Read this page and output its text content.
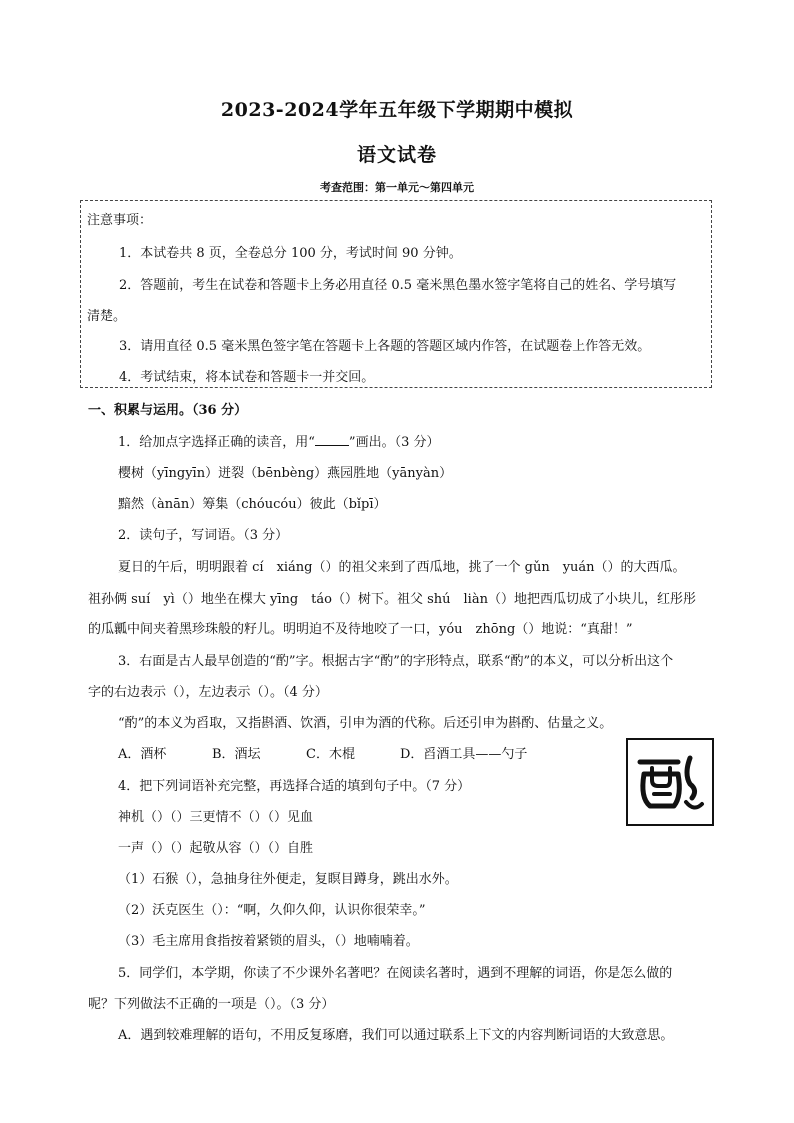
2023-2024学年五年级下学期期中模拟
语文试卷
考查范围：第一单元～第四单元
注意事项：
1．本试卷共 8 页，全卷总分 100 分，考试时间 90 分钟。
2．答题前，考生在试卷和答题卡上务必用直径 0.5 毫米黑色墨水签字笔将自己的姓名、学号填写
清楚。
3．请用直径 0.5 毫米黑色签字笔在答题卡上各题的答题区域内作答，在试题卷上作答无效。
4．考试结束，将本试卷和答题卡一并交回。
一、积累与运用。（36 分）
1．给加点字选择正确的读音，用“	”画出。（3 分）
樱树（yīngyīn）迸裂（bēnbèng）燕园胜地（yānyàn）
黯然（ànān）筹集（chóucóu）彼此（bǐpī）
2．读句子，写词语。（3 分）
夏日的午后，明明跟着 cí　xiáng（）的祖父来到了西瓜地，挑了一个 gǔn　yuán（）的大西瓜。
祖孙俩 suí　yì（）地坐在棵大 yīng　táo（）树下。祖父 shú　liàn（）地把西瓜切成了小块儿，红彤彤
的瓜瓤中间夹着黑珍珠般的籽儿。明明迫不及待地咬了一口，yóu　zhōng（）地说：“真甜！”
3．右面是古人最早创造的“酌”字。根据古字“酌”的字形特点，联系“酌”的本义，可以分析出这个
字的右边表示（），左边表示（）。（4 分）
“酌”的本义为舀取，又指斟酒、饮酒，引申为酒的代称。后还引申为斟酌、估量之义。
A．酒杯	B．酒坛	C．木棍	D．舀酒工具——勺子
4．把下列词语补充完整，再选择合适的填到句子中。（7 分）
神机（）（）三更情不（）（）见血
一声（）（）起敬从容（）（）自胜
（1）石猴（），急抽身往外便走，复瞑目蹲身，跳出水外。
（2）沃克医生（）：“啊，久仰久仰，认识你很荣幸。”
（3）毛主席用食指按着紧锁的眉头，（）地喃喃着。
5．同学们，本学期，你读了不少课外名著吧？在阅读名著时，遇到不理解的词语，你是怎么做的
呢？下列做法不正确的一项是（）。（3 分）
A．遇到较难理解的语句，不用反复琢磨，我们可以通过联系上下文的内容判断词语的大致意思。
